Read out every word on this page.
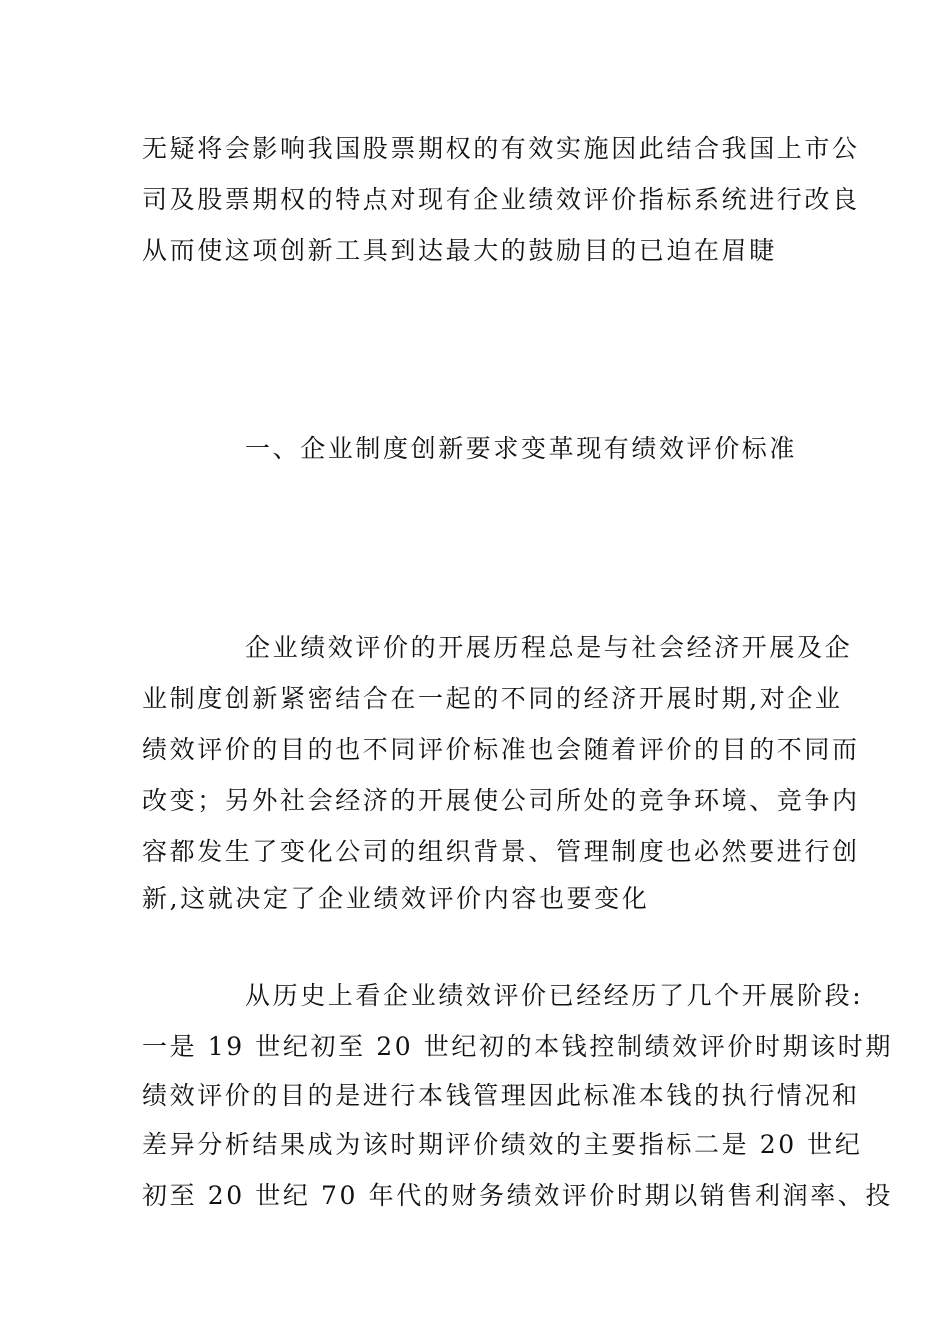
无疑将会影响我国股票期权的有效实施因此结合我国上市公
司及股票期权的特点对现有企业绩效评价指标系统进行改良
从而使这项创新工具到达最大的鼓励目的已迫在眉睫
一、企业制度创新要求变革现有绩效评价标准
企业绩效评价的开展历程总是与社会经济开展及企
业制度创新紧密结合在一起的不同的经济开展时期,对企业
绩效评价的目的也不同评价标准也会随着评价的目的不同而
改变；另外社会经济的开展使公司所处的竞争环境、竞争内
容都发生了变化公司的组织背景、管理制度也必然要进行创
新,这就决定了企业绩效评价内容也要变化
从历史上看企业绩效评价已经经历了几个开展阶段:
一是 19 世纪初至 20 世纪初的本钱控制绩效评价时期该时期
绩效评价的目的是进行本钱管理因此标准本钱的执行情况和
差异分析结果成为该时期评价绩效的主要指标二是 20 世纪
初至 20 世纪 70 年代的财务绩效评价时期以销售利润率、投
